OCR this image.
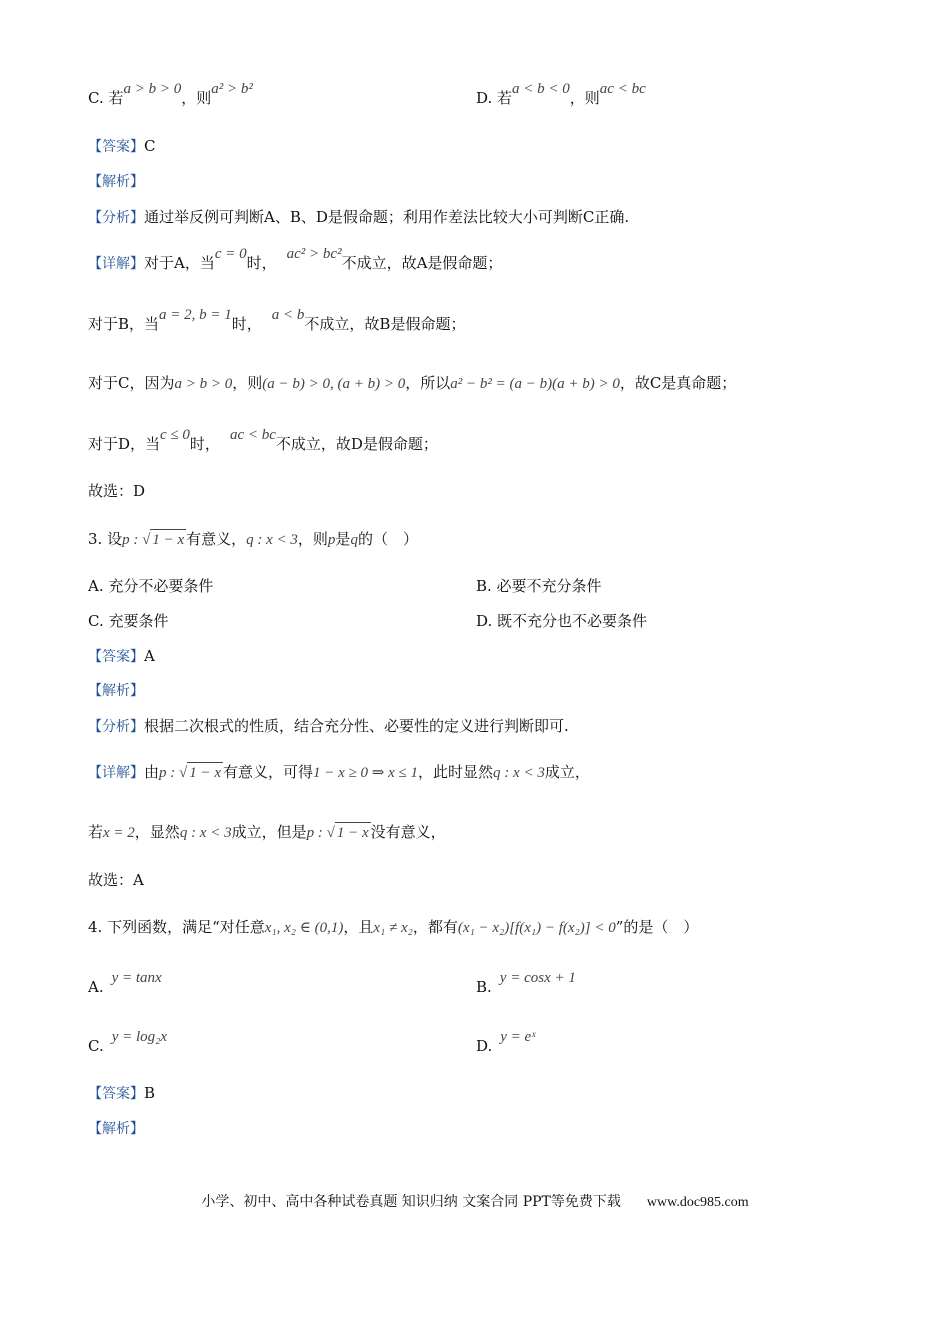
C. 若a > b > 0，则a² > b²	D. 若a < b < 0，则ac < bc
【答案】C
【解析】
【分析】通过举反例可判断A、B、D是假命题；利用作差法比较大小可判断C正确.
【详解】对于A，当c = 0时， ac² > bc²不成立，故A是假命题；
对于B，当a = 2, b = 1时， a < b不成立，故B是假命题；
对于C，因为a > b > 0，则(a − b) > 0, (a + b) > 0，所以a² − b² = (a − b)(a + b) > 0，故C是真命题；
对于D，当c ≤ 0时， ac < bc不成立，故D是假命题；
故选：D
3. 设p : √ 1 − x 有意义，q : x < 3，则p是q的（　）
A. 充分不必要条件	B. 必要不充分条件
C. 充要条件	D. 既不充分也不必要条件
【答案】A
【解析】
【分析】根据二次根式的性质，结合充分性、必要性的定义进行判断即可.
【详解】由p : √ 1 − x 有意义，可得1 − x ≥ 0 ⇒ x ≤ 1，此时显然q : x < 3成立，
若x = 2，显然q : x < 3成立，但是p : √ 1 − x 没有意义，
故选：A
4. 下列函数，满足“对任意x₁, x₂ ∈ (0,1)，且x₁ ≠ x₂，都有(x₁ − x₂)[f(x₁) − f(x₂)] < 0”的是（　）
A. y = tanx	B. y = cosx + 1
C. y = log₂x	D. y = eˣ
【答案】B
【解析】
小学、初中、高中各种试卷真题 知识归纳 文案合同 PPT等免费下载 www.doc985.com
